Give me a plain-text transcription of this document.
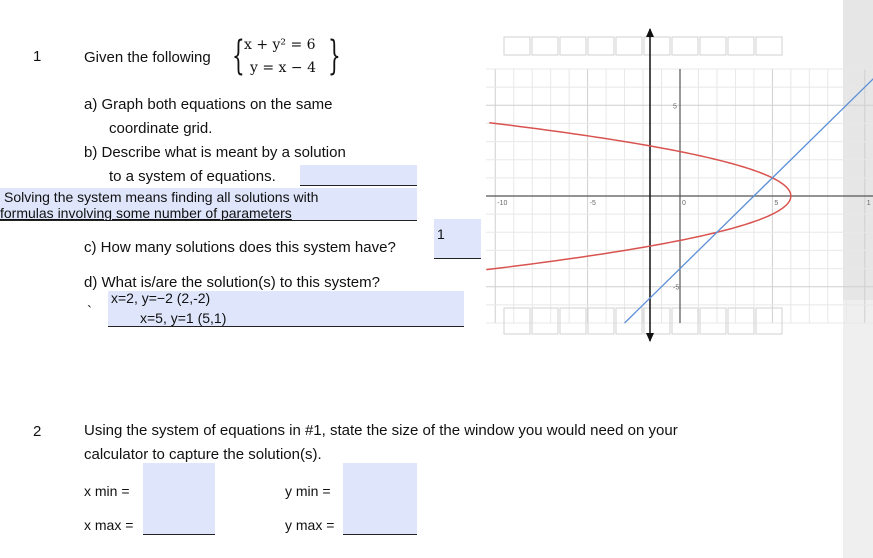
1	Given the following { x + y² = 6
y = x − 4 }
a) Graph both equations on the same
coordinate grid.
b) Describe what is meant by a solution
to a system of equations.
Solving the system means finding all solutions with
formulas involving some number of parameters
c) How many solutions does this system have?
1
d) What is/are the solution(s) to this system?
x=2, y=−2 (2,-2)
x=5, y=1 (5,1)
`
-10	-5	0	5	1
5
-5
2	Using the system of equations in #1, state the size of the window you would need on your
calculator to capture the solution(s).
x min =
x max =
y min =
y max =
